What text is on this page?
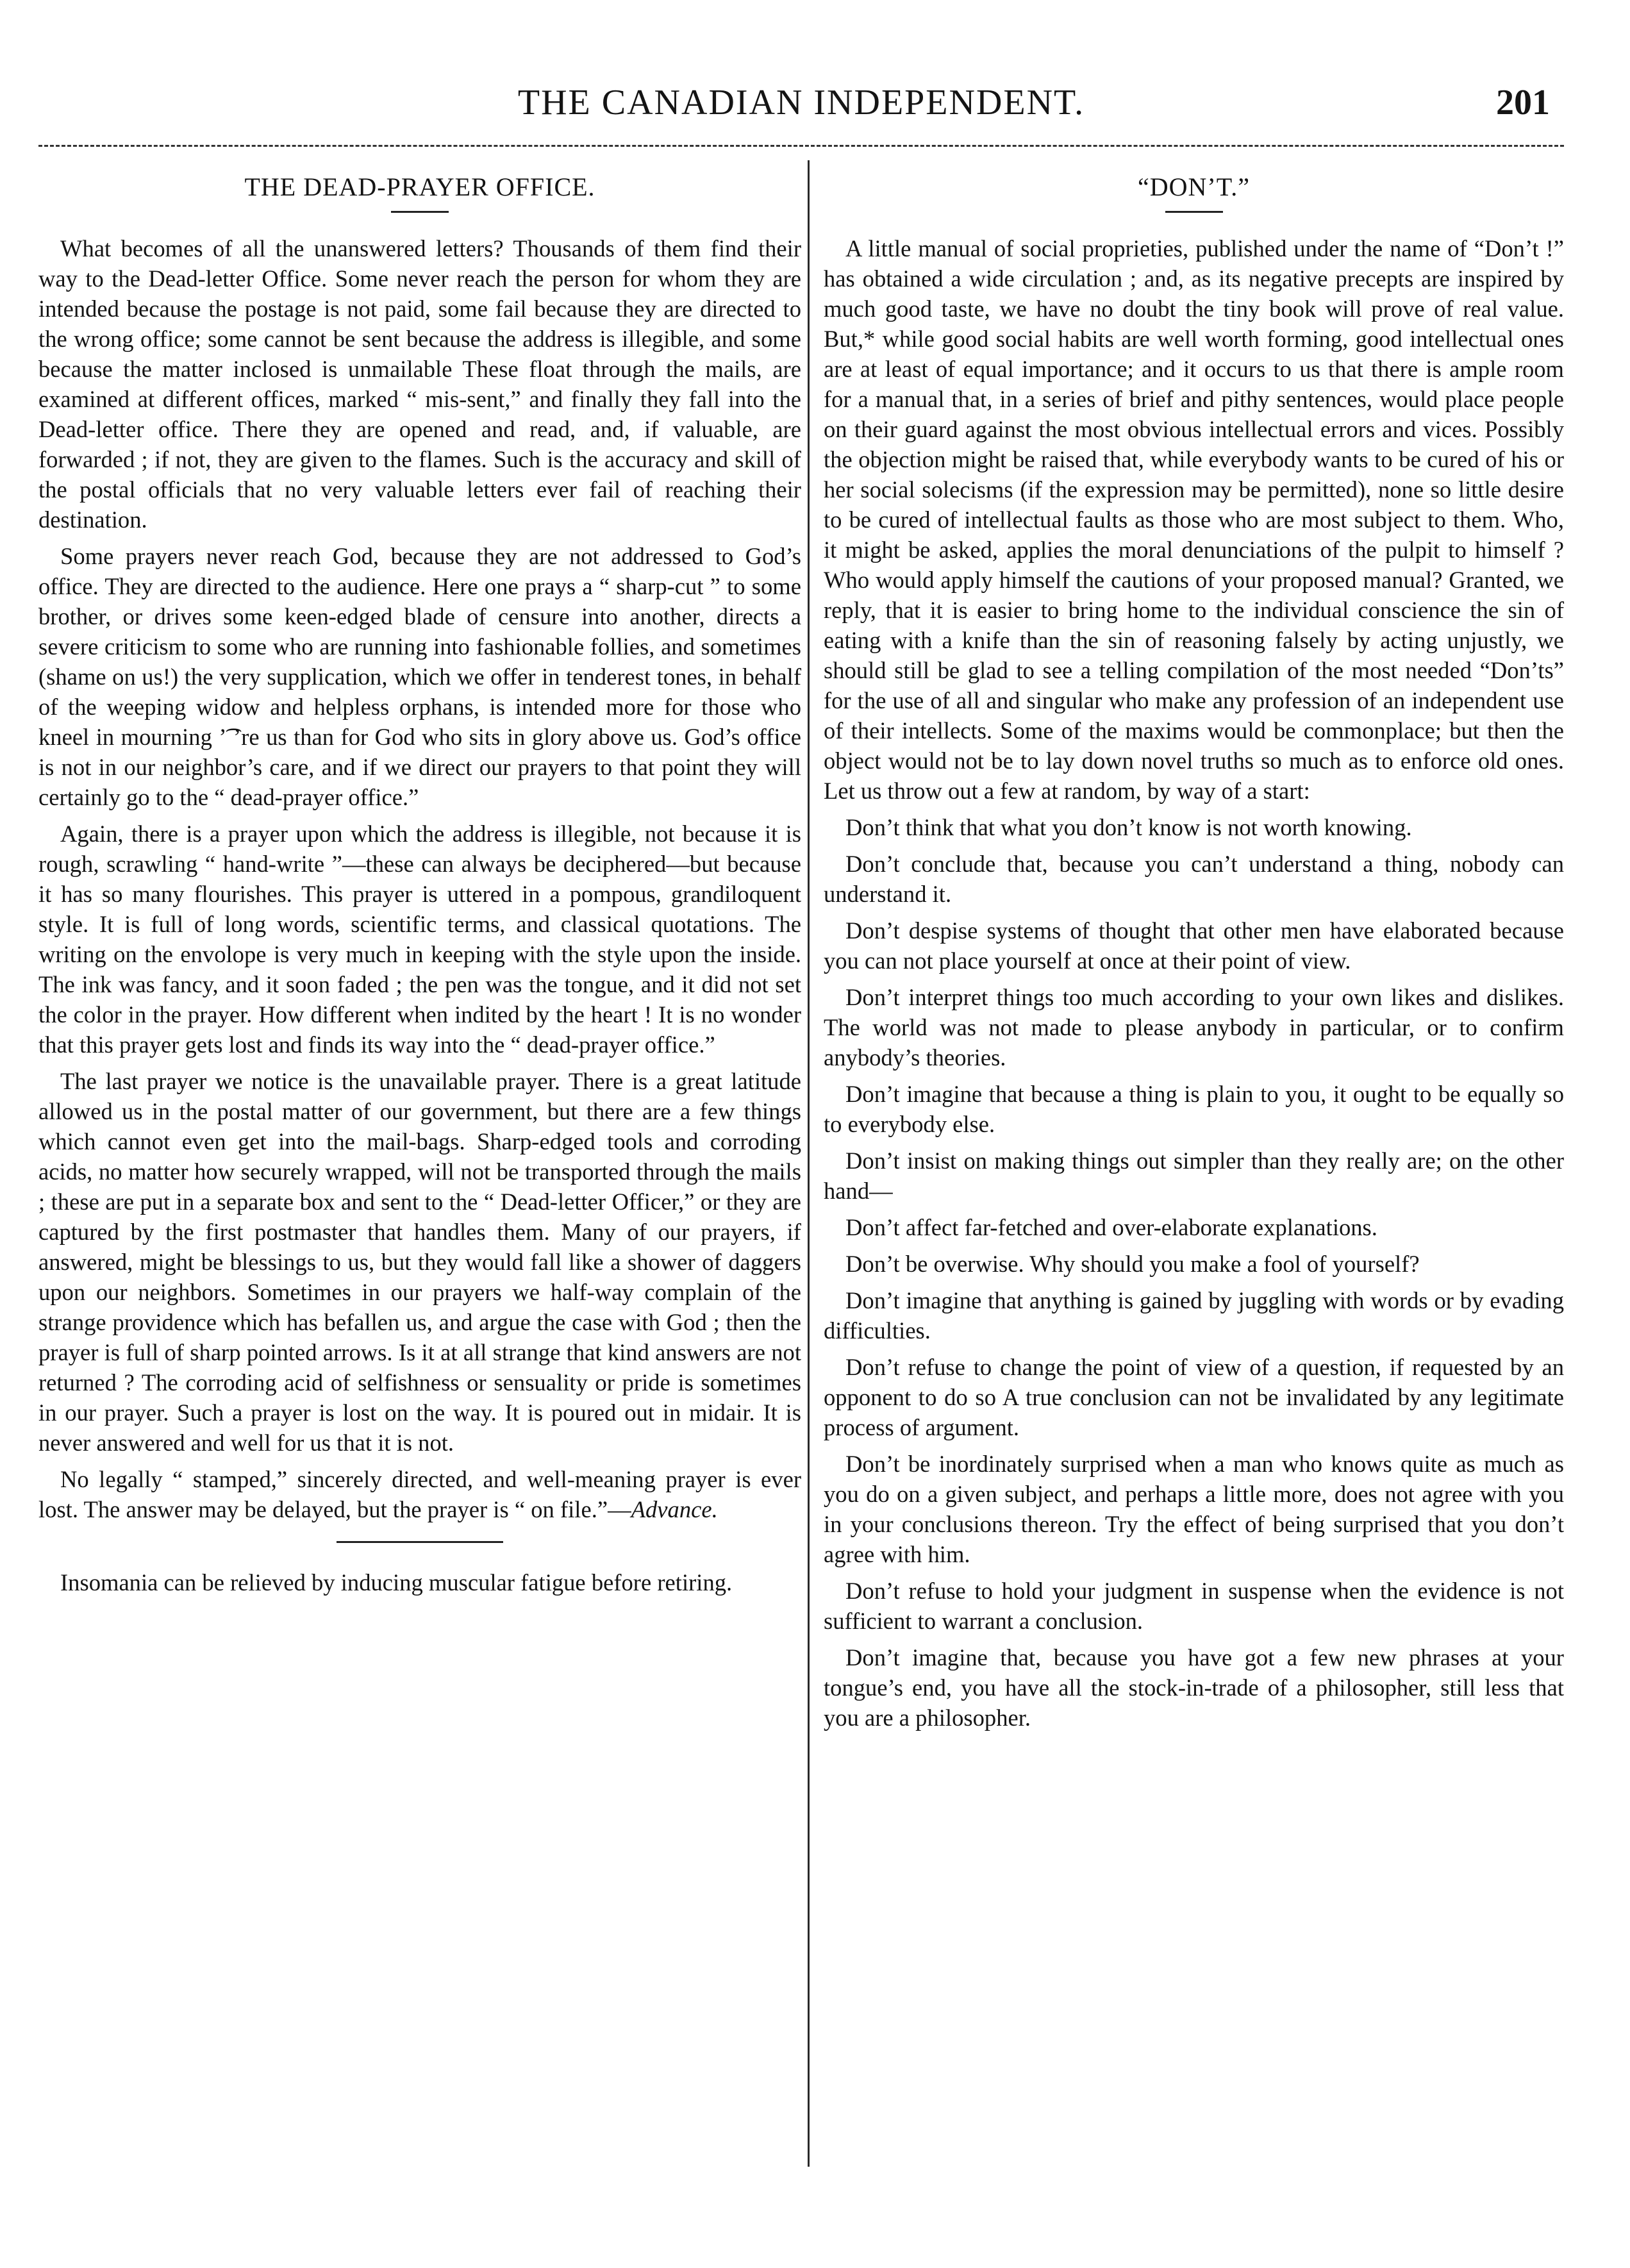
THE CANADIAN INDEPENDENT.	201
THE DEAD-PRAYER OFFICE.

What becomes of all the unanswered letters? Thousands of them find their way to the Dead-letter Office. Some never reach the person for whom they are intended because the postage is not paid, some fail because they are directed to the wrong office; some cannot be sent because the address is illegible, and some because the matter inclosed is unmailable These float through the mails, are examined at different offices, marked “ mis-sent,” and finally they fall into the Dead-letter office. There they are opened and read, and, if valuable, are forwarded ; if not, they are given to the flames. Such is the accuracy and skill of the postal officials that no very valuable letters ever fail of reaching their destination.

Some prayers never reach God, because they are not addressed to God’s office. They are directed to the audience. Here one prays a “ sharp-cut ” to some brother, or drives some keen-edged blade of censure into another, directs a severe criticism to some who are running into fashionable follies, and sometimes (shame on us!) the very supplication, which we offer in tenderest tones, in behalf of the weeping widow and helpless orphans, is intended more for those who kneel in mourning ʼ͡ ʼre us than for God who sits in glory above us. God’s office is not in our neighbor’s care, and if we direct our prayers to that point they will certainly go to the “ dead-prayer office.”

Again, there is a prayer upon which the address is illegible, not because it is rough, scrawling “ hand-write ”—these can always be deciphered—but because it has so many flourishes. This prayer is uttered in a pompous, grandiloquent style. It is full of long words, scientific terms, and classical quotations. The writing on the envolope is very much in keeping with the style upon the inside. The ink was fancy, and it soon faded ; the pen was the tongue, and it did not set the color in the prayer. How different when indited by the heart ! It is no wonder that this prayer gets lost and finds its way into the “ dead-prayer office.”

The last prayer we notice is the unavailable prayer. There is a great latitude allowed us in the postal matter of our government, but there are a few things which cannot even get into the mail-bags. Sharp-edged tools and corroding acids, no matter how securely wrapped, will not be transported through the mails ; these are put in a separate box and sent to the “ Dead-letter Officer,” or they are captured by the first postmaster that handles them. Many of our prayers, if answered, might be blessings to us, but they would fall like a shower of daggers upon our neighbors. Sometimes in our prayers we half-way complain of the strange providence which has befallen us, and argue the case with God ; then the prayer is full of sharp pointed arrows. Is it at all strange that kind answers are not returned ? The corroding acid of selfishness or sensuality or pride is sometimes in our prayer. Such a prayer is lost on the way. It is poured out in midair. It is never answered and well for us that it is not.

No legally “ stamped,” sincerely directed, and well-meaning prayer is ever lost. The answer may be delayed, but the prayer is “ on file.”—Advance.

Insomania can be relieved by inducing muscular fatigue before retiring.

“DON’T.”

A little manual of social proprieties, published under the name of “Don’t !” has obtained a wide circulation ; and, as its negative precepts are inspired by much good taste, we have no doubt the tiny book will prove of real value. But,* while good social habits are well worth forming, good intellectual ones are at least of equal importance; and it occurs to us that there is ample room for a manual that, in a series of brief and pithy sentences, would place people on their guard against the most obvious intellectual errors and vices. Possibly the objection might be raised that, while everybody wants to be cured of his or her social solecisms (if the expression may be permitted), none so little desire to be cured of intellectual faults as those who are most subject to them. Who, it might be asked, applies the moral denunciations of the pulpit to himself ? Who would apply himself the cautions of your proposed manual? Granted, we reply, that it is easier to bring home to the individual conscience the sin of eating with a knife than the sin of reasoning falsely by acting unjustly, we should still be glad to see a telling compilation of the most needed “Don’ts” for the use of all and singular who make any profession of an independent use of their intellects. Some of the maxims would be commonplace; but then the object would not be to lay down novel truths so much as to enforce old ones. Let us throw out a few at random, by way of a start:

Don’t think that what you don’t know is not worth knowing.

Don’t conclude that, because you can’t understand a thing, nobody can understand it.

Don’t despise systems of thought that other men have elaborated because you can not place yourself at once at their point of view.

Don’t interpret things too much according to your own likes and dislikes. The world was not made to please anybody in particular, or to confirm anybody’s theories.

Don’t imagine that because a thing is plain to you, it ought to be equally so to everybody else.

Don’t insist on making things out simpler than they really are; on the other hand—

Don’t affect far-fetched and over-elaborate explanations.

Don’t be overwise. Why should you make a fool of yourself?

Don’t imagine that anything is gained by juggling with words or by evading difficulties.

Don’t refuse to change the point of view of a question, if requested by an opponent to do so A true conclusion can not be invalidated by any legitimate process of argument.

Don’t be inordinately surprised when a man who knows quite as much as you do on a given subject, and perhaps a little more, does not agree with you in your conclusions thereon. Try the effect of being surprised that you don’t agree with him.

Don’t refuse to hold your judgment in suspense when the evidence is not sufficient to warrant a conclusion.

Don’t imagine that, because you have got a few new phrases at your tongue’s end, you have all the stock-in-trade of a philosopher, still less that you are a philosopher.
